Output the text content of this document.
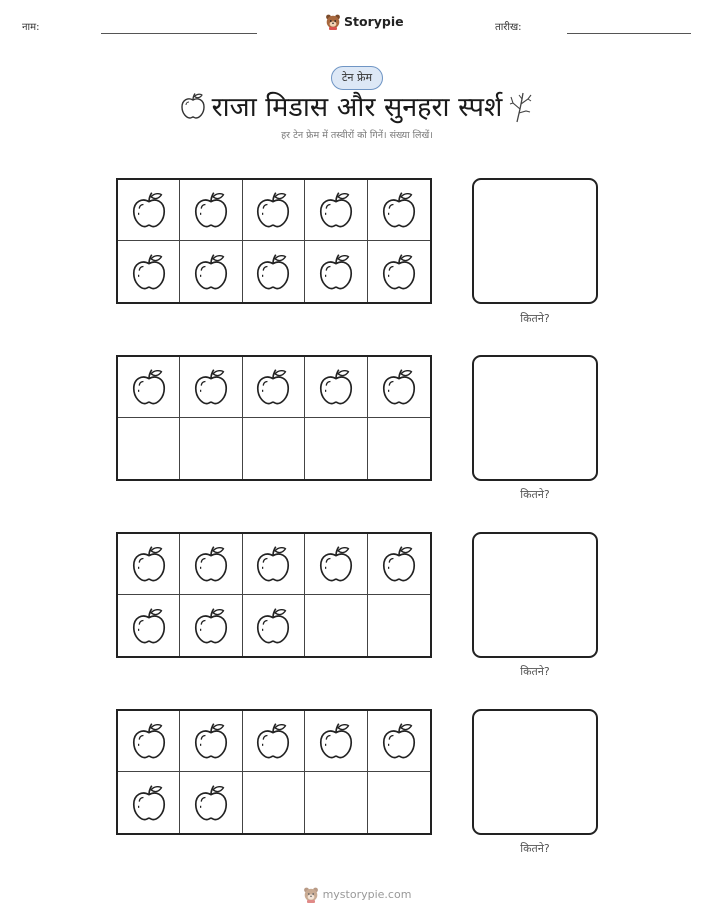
नाम:	Storypie	तारीख:
टेन फ्रेम
राजा मिडास और सुनहरा स्पर्श
हर टेन फ्रेम में तस्वीरों को गिनें। संख्या लिखें।
कितने?
कितने?
कितने?
कितने?
mystorypie.com
